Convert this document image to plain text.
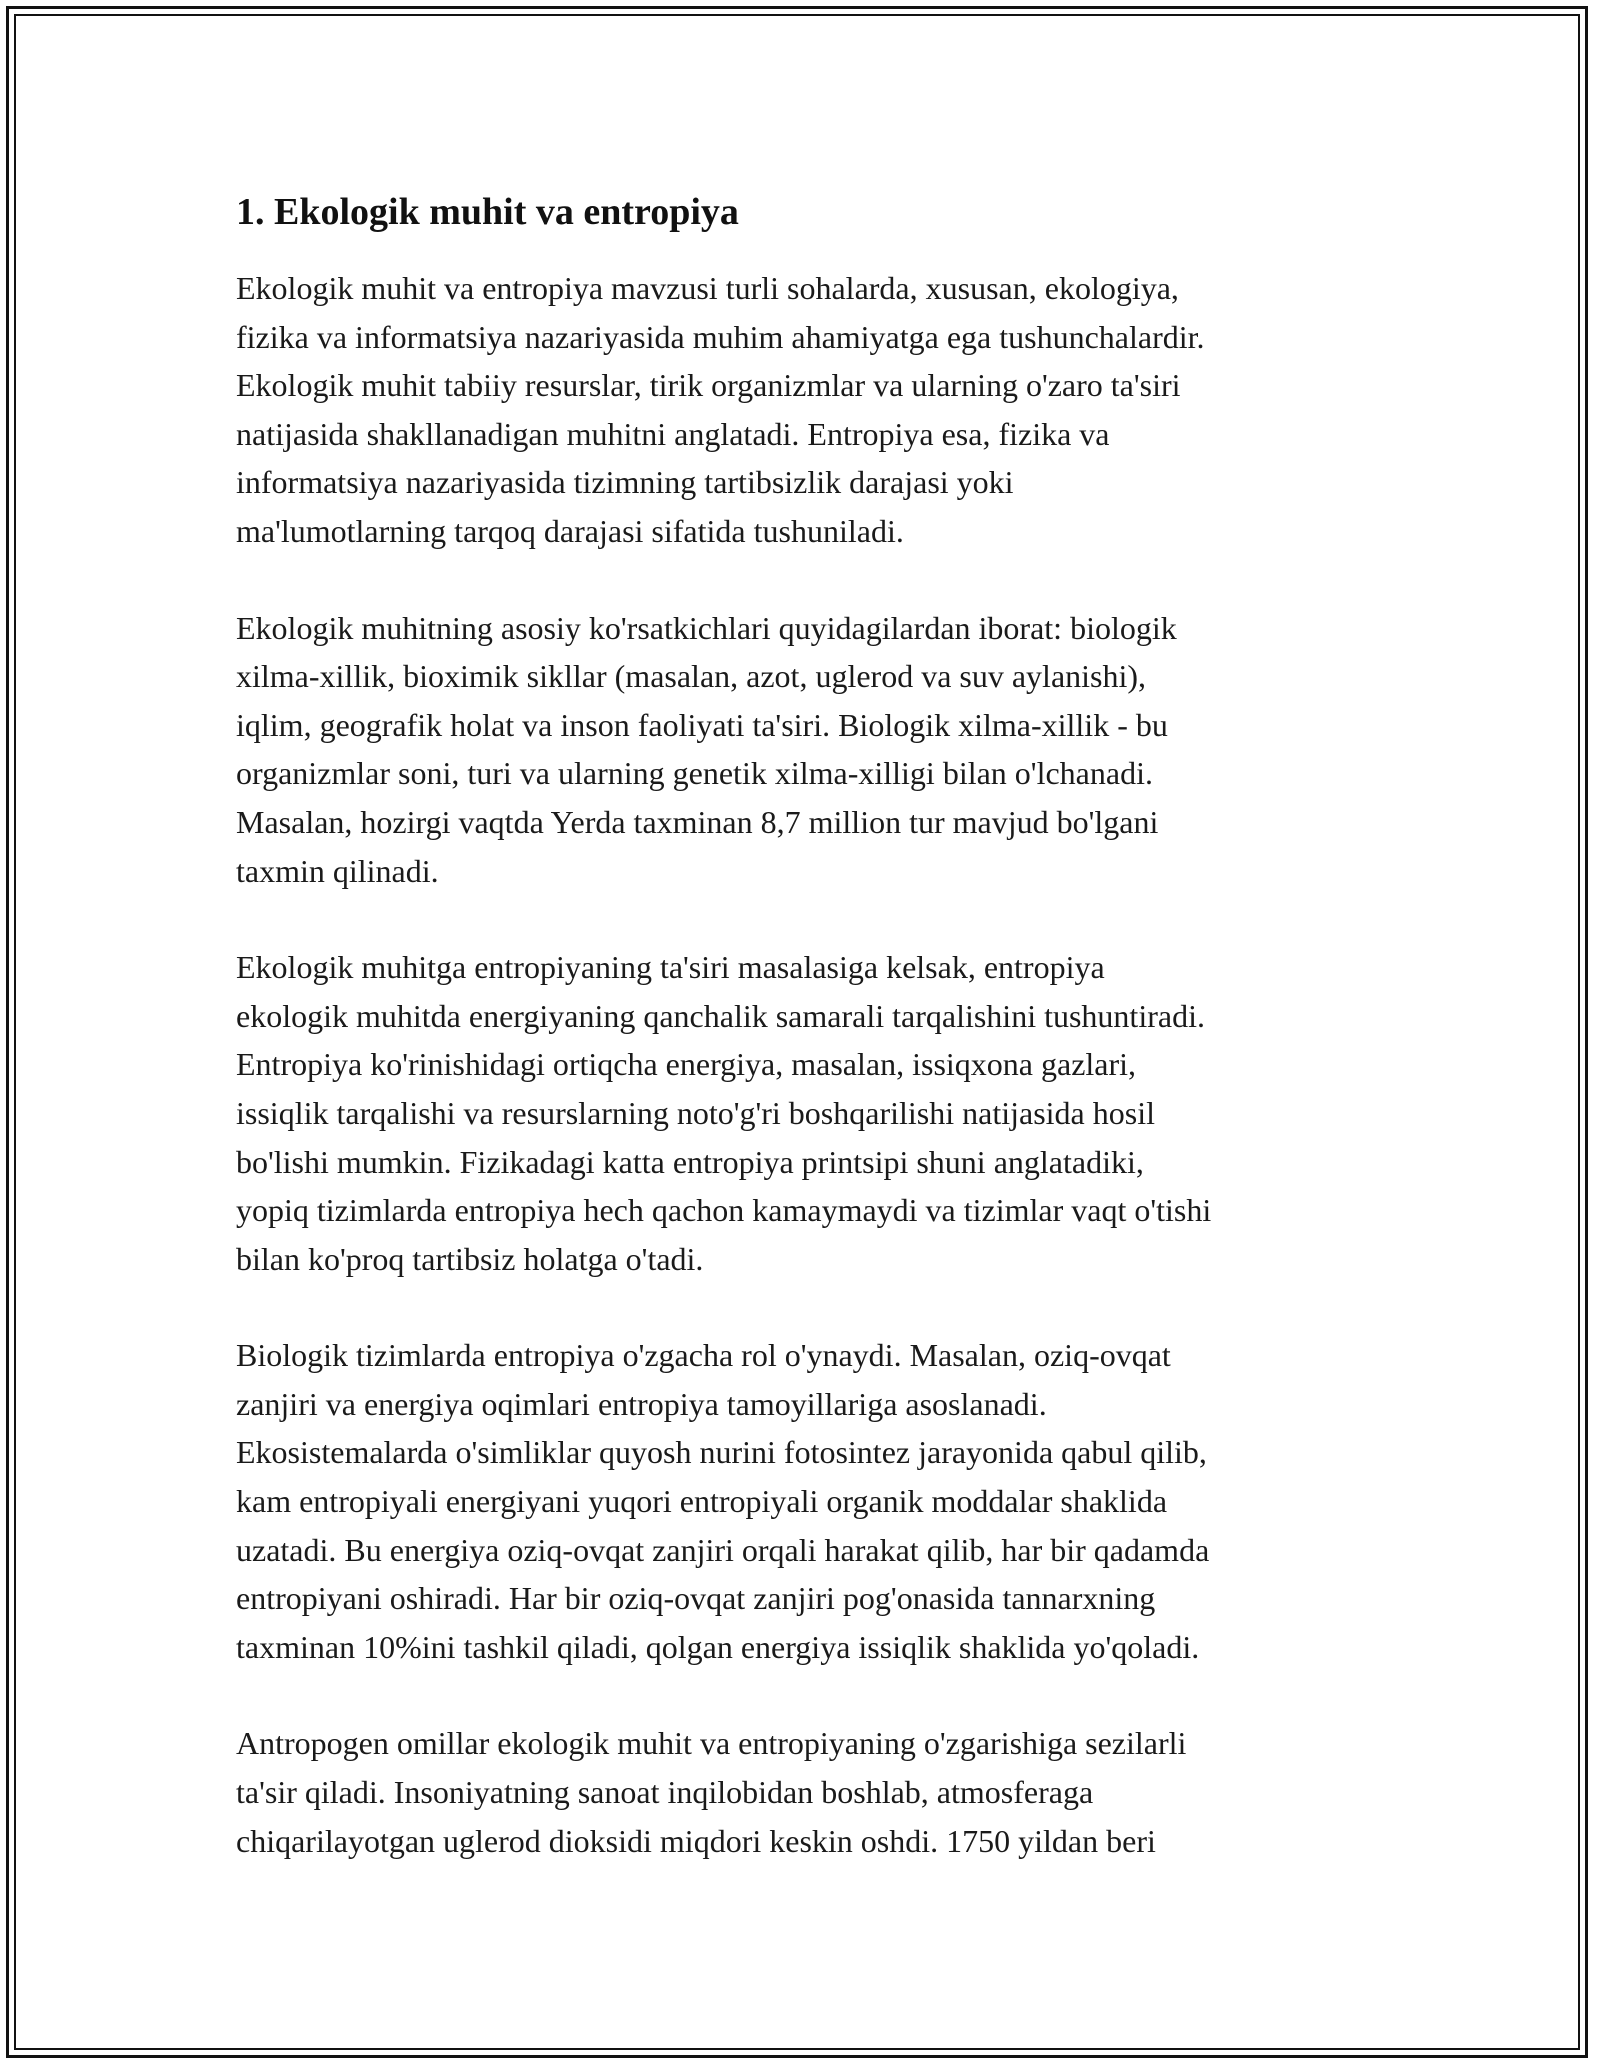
1. Ekologik muhit va entropiya

Ekologik muhit va entropiya mavzusi turli sohalarda, xususan, ekologiya,
fizika va informatsiya nazariyasida muhim ahamiyatga ega tushunchalardir.
Ekologik muhit tabiiy resurslar, tirik organizmlar va ularning o'zaro ta'siri
natijasida shakllanadigan muhitni anglatadi. Entropiya esa, fizika va
informatsiya nazariyasida tizimning tartibsizlik darajasi yoki
ma'lumotlarning tarqoq darajasi sifatida tushuniladi.

Ekologik muhitning asosiy ko'rsatkichlari quyidagilardan iborat: biologik
xilma-xillik, bioximik sikllar (masalan, azot, uglerod va suv aylanishi),
iqlim, geografik holat va inson faoliyati ta'siri. Biologik xilma-xillik - bu
organizmlar soni, turi va ularning genetik xilma-xilligi bilan o'lchanadi.
Masalan, hozirgi vaqtda Yerda taxminan 8,7 million tur mavjud bo'lgani
taxmin qilinadi.

Ekologik muhitga entropiyaning ta'siri masalasiga kelsak, entropiya
ekologik muhitda energiyaning qanchalik samarali tarqalishini tushuntiradi.
Entropiya ko'rinishidagi ortiqcha energiya, masalan, issiqxona gazlari,
issiqlik tarqalishi va resurslarning noto'g'ri boshqarilishi natijasida hosil
bo'lishi mumkin. Fizikadagi katta entropiya printsipi shuni anglatadiki,
yopiq tizimlarda entropiya hech qachon kamaymaydi va tizimlar vaqt o'tishi
bilan ko'proq tartibsiz holatga o'tadi.

Biologik tizimlarda entropiya o'zgacha rol o'ynaydi. Masalan, oziq-ovqat
zanjiri va energiya oqimlari entropiya tamoyillariga asoslanadi.
Ekosistemalarda o'simliklar quyosh nurini fotosintez jarayonida qabul qilib,
kam entropiyali energiyani yuqori entropiyali organik moddalar shaklida
uzatadi. Bu energiya oziq-ovqat zanjiri orqali harakat qilib, har bir qadamda
entropiyani oshiradi. Har bir oziq-ovqat zanjiri pog'onasida tannarxning
taxminan 10%ini tashkil qiladi, qolgan energiya issiqlik shaklida yo'qoladi.

Antropogen omillar ekologik muhit va entropiyaning o'zgarishiga sezilarli
ta'sir qiladi. Insoniyatning sanoat inqilobidan boshlab, atmosferaga
chiqarilayotgan uglerod dioksidi miqdori keskin oshdi. 1750 yildan beri
